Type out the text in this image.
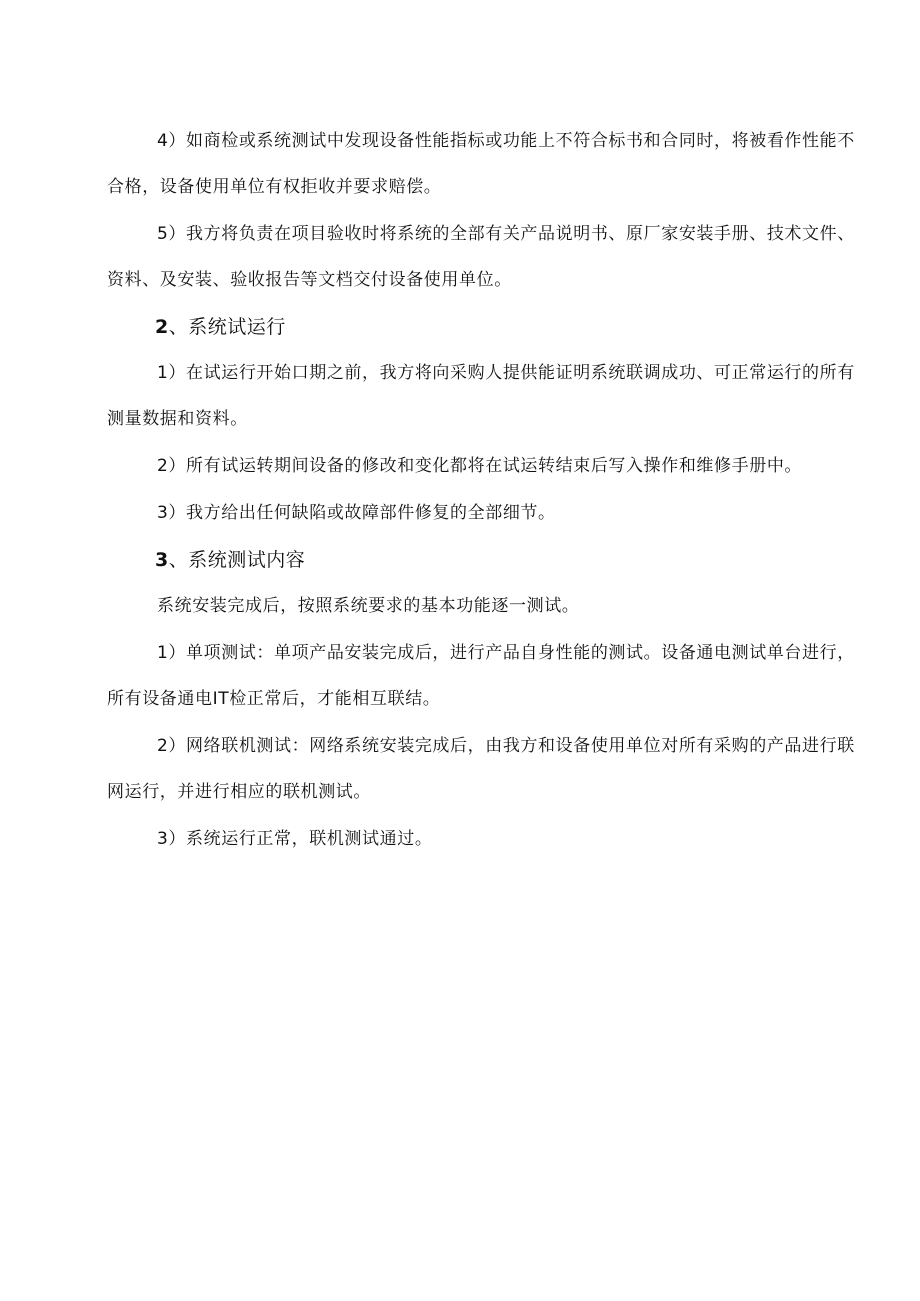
4）如商检或系统测试中发现设备性能指标或功能上不符合标书和合同时，将被看作性能不合格，设备使用单位有权拒收并要求赔偿。

5）我方将负责在项目验收时将系统的全部有关产品说明书、原厂家安装手册、技术文件、资料、及安装、验收报告等文档交付设备使用单位。

2、系统试运行

1）在试运行开始口期之前，我方将向采购人提供能证明系统联调成功、可正常运行的所有测量数据和资料。

2）所有试运转期间设备的修改和变化都将在试运转结束后写入操作和维修手册中。

3）我方给出任何缺陷或故障部件修复的全部细节。

3、系统测试内容

系统安装完成后，按照系统要求的基本功能逐一测试。

1）单项测试：单项产品安装完成后，进行产品自身性能的测试。设备通电测试单台进行，所有设备通电IT检正常后，才能相互联结。

2）网络联机测试：网络系统安装完成后，由我方和设备使用单位对所有采购的产品进行联网运行，并进行相应的联机测试。

3）系统运行正常，联机测试通过。
